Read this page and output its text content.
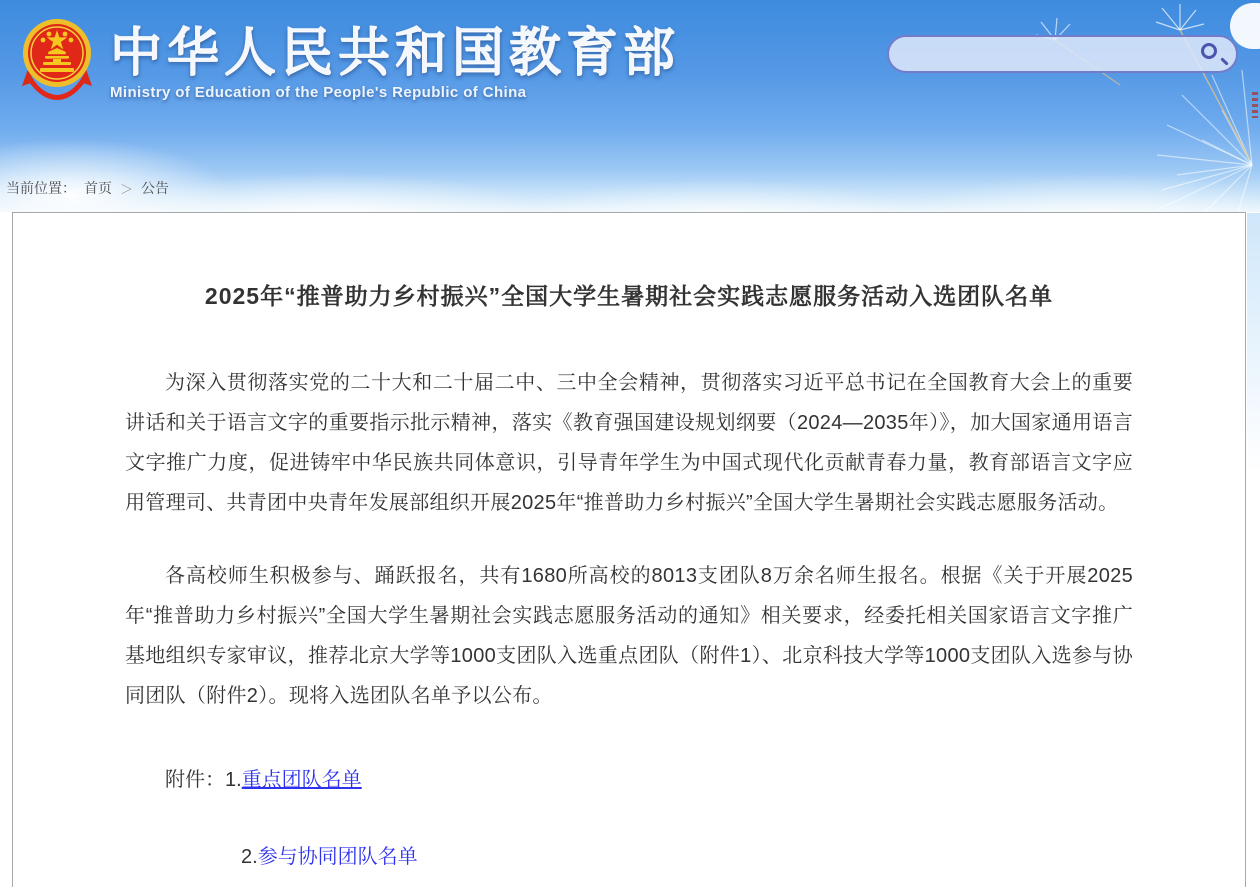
中华人民共和国教育部
Ministry of Education of the People's Republic of China
当前位置： 首页 ＞ 公告
2025年“推普助力乡村振兴”全国大学生暑期社会实践志愿服务活动入选团队名单

为深入贯彻落实党的二十大和二十届二中、三中全会精神，贯彻落实习近平总书记在全国教育大会上的重要讲话和关于语言文字的重要指示批示精神，落实《教育强国建设规划纲要（2024—2035年）》，加大国家通用语言文字推广力度，促进铸牢中华民族共同体意识，引导青年学生为中国式现代化贡献青春力量，教育部语言文字应用管理司、共青团中央青年发展部组织开展2025年“推普助力乡村振兴”全国大学生暑期社会实践志愿服务活动。

各高校师生积极参与、踊跃报名，共有1680所高校的8013支团队8万余名师生报名。根据《关于开展2025年“推普助力乡村振兴”全国大学生暑期社会实践志愿服务活动的通知》相关要求，经委托相关国家语言文字推广基地组织专家审议，推荐北京大学等1000支团队入选重点团队（附件1）、北京科技大学等1000支团队入选参与协同团队（附件2）。现将入选团队名单予以公布。

附件：1.重点团队名单
2.参与协同团队名单
